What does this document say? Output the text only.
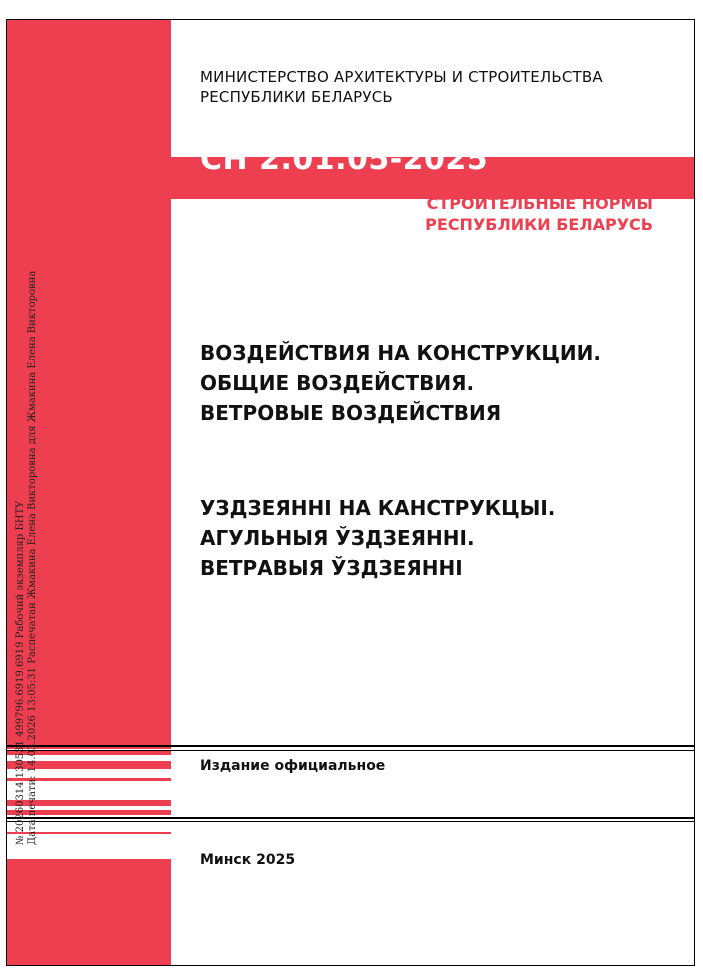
МИНИСТЕРСТВО АРХИТЕКТУРЫ И СТРОИТЕЛЬСТВА
РЕСПУБЛИКИ БЕЛАРУСЬ
СН 2.01.05-2025
СТРОИТЕЛЬНЫЕ НОРМЫ
РЕСПУБЛИКИ БЕЛАРУСЬ
ВОЗДЕЙСТВИЯ НА КОНСТРУКЦИИ.
ОБЩИЕ ВОЗДЕЙСТВИЯ.
ВЕТРОВЫЕ ВОЗДЕЙСТВИЯ
УЗДЗЕЯННІ НА КАНСТРУКЦЫІ.
АГУЛЬНЫЯ ЎЗДЗЕЯННІ.
ВЕТРАВЫЯ ЎЗДЗЕЯННІ
Издание официальное
Минск 2025
№ 20260314 130531 499796.6919.6919 Рабочий экземпляр БНТУ Дата печати: 14.03.2026 13:05:31 Распечатан Жмакина Елена Викторовна для Жмакина Елена Викторовна
